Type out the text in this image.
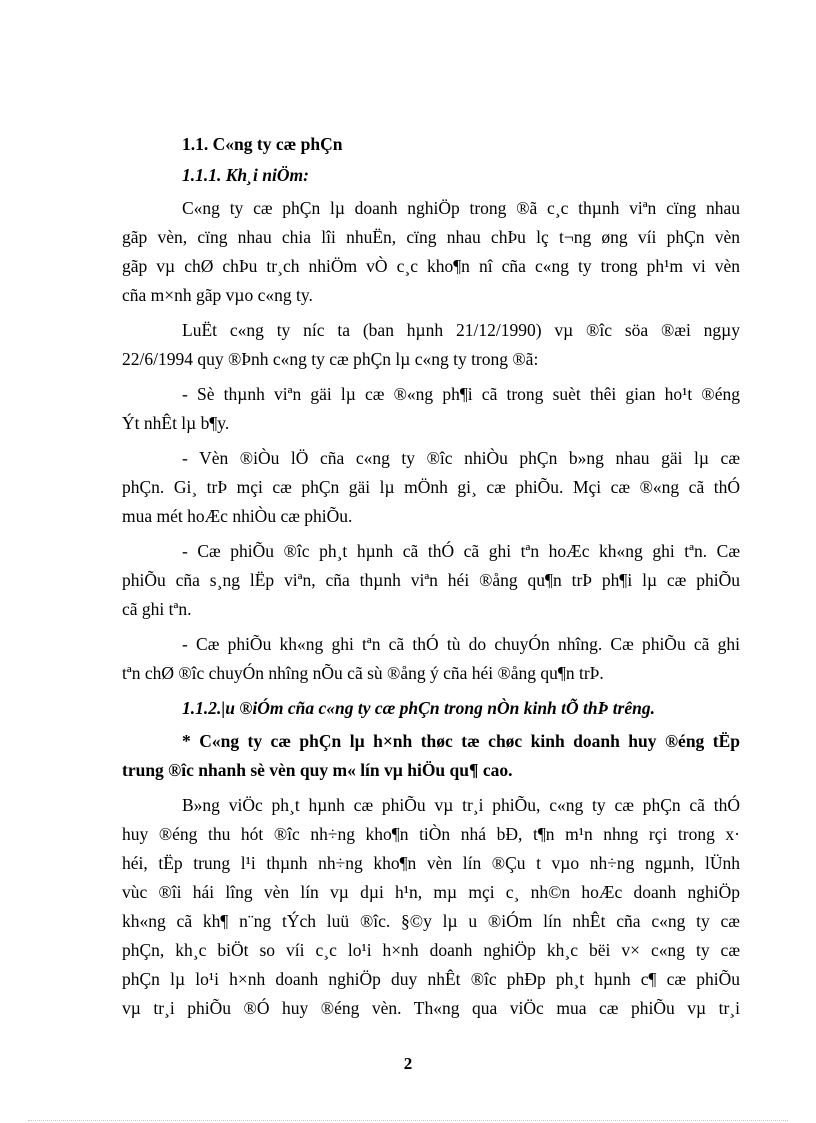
1.1. C«ng ty cæ phÇn
1.1.1. Kh¸i niÖm:
C«ng ty cæ phÇn lµ doanh nghiÖp trong ®ã c¸c thµnh viªn cïng nhau
gãp vèn, cïng nhau chia lîi nhuËn, cïng nhau chÞu lç t¬ng øng víi phÇn vèn
gãp vµ chØ chÞu tr¸ch nhiÖm vÒ c¸c kho¶n nî cña c«ng ty trong ph¹m vi vèn
cña m×nh gãp vµo c«ng ty.
LuËt c«ng ty níc ta (ban hµnh 21/12/1990) vµ ®îc söa ®æi ngµy
22/6/1994 quy ®Þnh c«ng ty cæ phÇn lµ c«ng ty trong ®ã:
- Sè thµnh viªn gäi lµ cæ ®«ng ph¶i cã trong suèt thêi gian ho¹t ®éng
Ýt nhÊt lµ b¶y.
- Vèn ®iÒu lÖ cña c«ng ty ®îc nhiÒu phÇn b»ng nhau gäi lµ cæ
phÇn. Gi¸ trÞ mçi cæ phÇn gäi lµ mÖnh gi¸ cæ phiÕu. Mçi cæ ®«ng cã thÓ
mua mét hoÆc nhiÒu cæ phiÕu.
- Cæ phiÕu ®îc ph¸t hµnh cã thÓ cã ghi tªn hoÆc kh«ng ghi tªn. Cæ
phiÕu cña s¸ng lËp viªn, cña thµnh viªn héi ®ång qu¶n trÞ ph¶i lµ cæ phiÕu
cã ghi tªn.
- Cæ phiÕu kh«ng ghi tªn cã thÓ tù do chuyÓn nhîng. Cæ phiÕu cã ghi
tªn chØ ®îc chuyÓn nhîng nÕu cã sù ®ång ý cña héi ®ång qu¶n trÞ.
1.1.2.|u ®iÓm cña c«ng ty cæ phÇn trong nÒn kinh tÕ thÞ trêng.
* C«ng ty cæ phÇn lµ h×nh thøc tæ chøc kinh doanh huy ®éng tËp
trung ®îc nhanh sè vèn quy m« lín vµ hiÖu qu¶ cao.
B»ng viÖc ph¸t hµnh cæ phiÕu vµ tr¸i phiÕu, c«ng ty cæ phÇn cã thÓ
huy ®éng thu hót ®îc nh÷ng kho¶n tiÒn nhá bÐ, t¶n m¹n nhng rçi trong x·
héi, tËp trung l¹i thµnh nh÷ng kho¶n vèn lín ®Çu t vµo nh÷ng ngµnh, lÜnh
vùc ®îi hái lîng vèn lín vµ dµi h¹n, mµ mçi c¸ nh©n hoÆc doanh nghiÖp
kh«ng cã kh¶ n¨ng tÝch luü ®îc. §©y lµ u ®iÓm lín nhÊt cña c«ng ty cæ
phÇn, kh¸c biÖt so víi c¸c lo¹i h×nh doanh nghiÖp kh¸c bëi v× c«ng ty cæ
phÇn lµ lo¹i h×nh doanh nghiÖp duy nhÊt ®îc phÐp ph¸t hµnh c¶ cæ phiÕu
vµ tr¸i phiÕu ®Ó huy ®éng vèn. Th«ng qua viÖc mua cæ phiÕu vµ tr¸i
2
